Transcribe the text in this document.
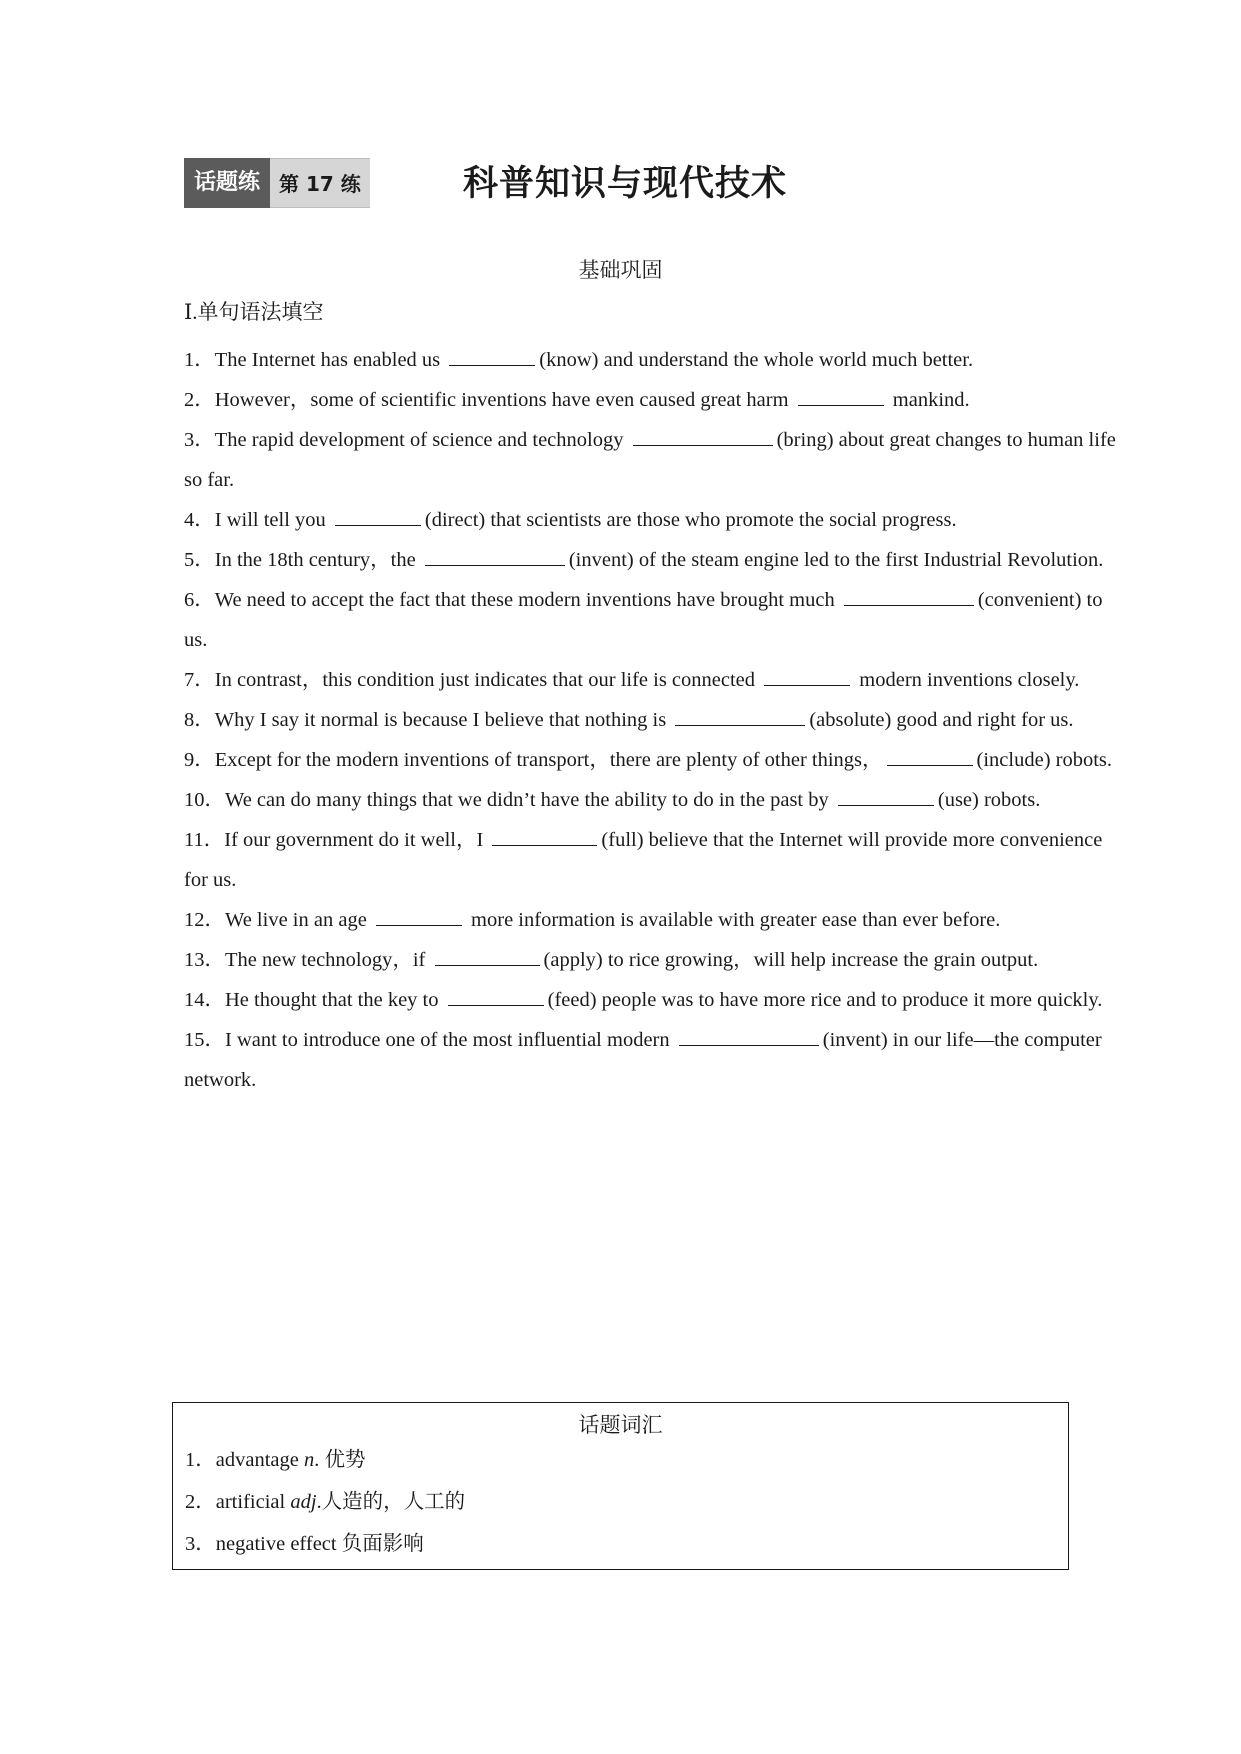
话题练 第 17 练	科普知识与现代技术
基础巩固
Ⅰ.单句语法填空

1．The Internet has enabled us	(know) and understand the whole world much better.

2．However，some of scientific inventions have even caused great harm	mankind.

3．The rapid development of science and technology	(bring) about great changes to human life so far.

4．I will tell you	(direct) that scientists are those who promote the social progress.

5．In the 18th century，the	(invent) of the steam engine led to the first Industrial Revolution.

6．We need to accept the fact that these modern inventions have brought much	(convenient) to us.

7．In contrast，this condition just indicates that our life is connected	modern inventions closely.

8．Why I say it normal is because I believe that nothing is	(absolute) good and right for us.

9．Except for the modern inventions of transport，there are plenty of other things，	(include) robots.

10．We can do many things that we didn’t have the ability to do in the past by	(use) robots.

11．If our government do it well，I	(full) believe that the Internet will provide more convenience for us.

12．We live in an age	more information is available with greater ease than ever before.

13．The new technology，if	(apply) to rice growing，will help increase the grain output.

14．He thought that the key to	(feed) people was to have more rice and to produce it more quickly.

15．I want to introduce one of the most influential modern	(invent) in our life—the computer network.

话题词汇
1．advantage n. 优势
2．artificial adj.人造的，人工的
3．negative effect 负面影响
